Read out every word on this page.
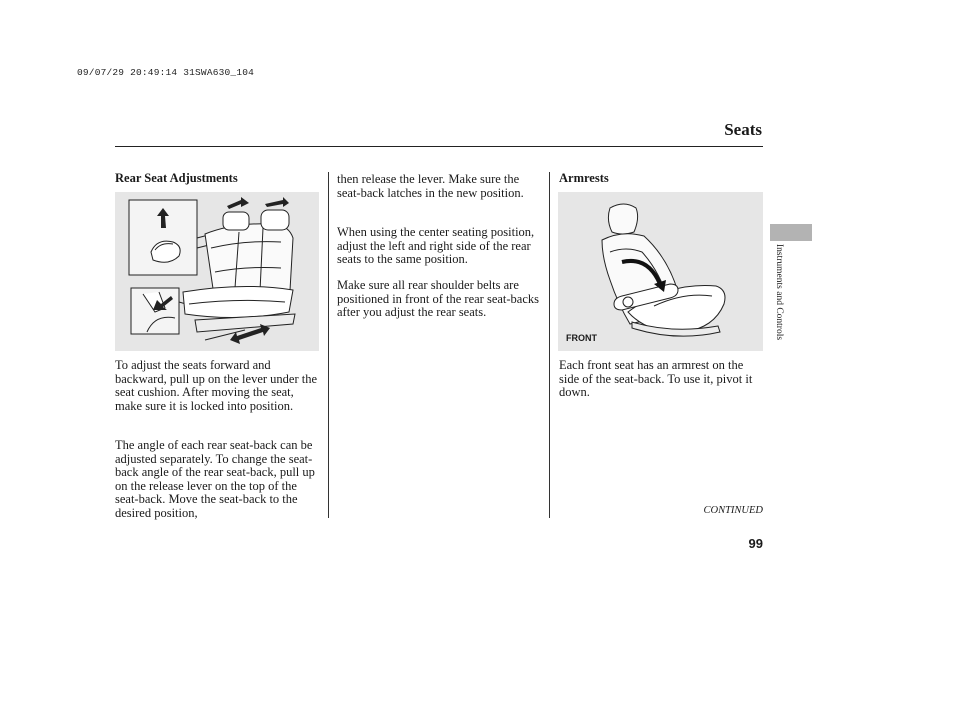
09/07/29 20:49:14 31SWA630_104
Seats
Rear Seat Adjustments
To adjust the seats forward and backward, pull up on the lever under the seat cushion. After moving the seat, make sure it is locked into position.
The angle of each rear seat-back can be adjusted separately. To change the seat-back angle of the rear seat-back, pull up on the release lever on the top of the seat-back. Move the seat-back to the desired position,
then release the lever. Make sure the seat-back latches in the new position.
When using the center seating position, adjust the left and right side of the rear seats to the same position.
Make sure all rear shoulder belts are positioned in front of the rear seat-backs after you adjust the rear seats.
Armrests
FRONT
Each front seat has an armrest on the side of the seat-back. To use it, pivot it down.
Instruments and Controls
CONTINUED
99
